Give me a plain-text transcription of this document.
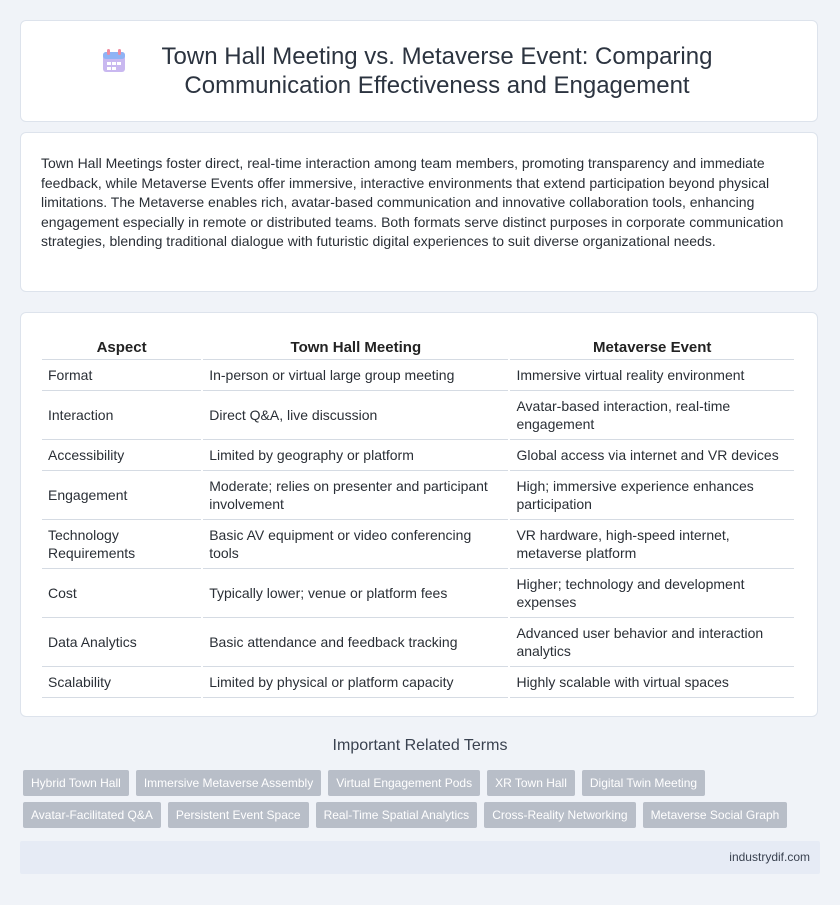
Town Hall Meeting vs. Metaverse Event: Comparing Communication Effectiveness and Engagement

Town Hall Meetings foster direct, real-time interaction among team members, promoting transparency and immediate feedback, while Metaverse Events offer immersive, interactive environments that extend participation beyond physical limitations. The Metaverse enables rich, avatar-based communication and innovative collaboration tools, enhancing engagement especially in remote or distributed teams. Both formats serve distinct purposes in corporate communication strategies, blending traditional dialogue with futuristic digital experiences to suit diverse organizational needs.

Aspect	Town Hall Meeting	Metaverse Event
Format	In-person or virtual large group meeting	Immersive virtual reality environment
Interaction	Direct Q&A, live discussion	Avatar-based interaction, real-time engagement
Accessibility	Limited by geography or platform	Global access via internet and VR devices
Engagement	Moderate; relies on presenter and participant involvement	High; immersive experience enhances participation
Technology Requirements	Basic AV equipment or video conferencing tools	VR hardware, high-speed internet, metaverse platform
Cost	Typically lower; venue or platform fees	Higher; technology and development expenses
Data Analytics	Basic attendance and feedback tracking	Advanced user behavior and interaction analytics
Scalability	Limited by physical or platform capacity	Highly scalable with virtual spaces
Important Related Terms
Hybrid Town Hall	Immersive Metaverse Assembly	Virtual Engagement Pods	XR Town Hall	Digital Twin Meeting
Avatar-Facilitated Q&A	Persistent Event Space	Real-Time Spatial Analytics	Cross-Reality Networking	Metaverse Social Graph
industrydif.com
